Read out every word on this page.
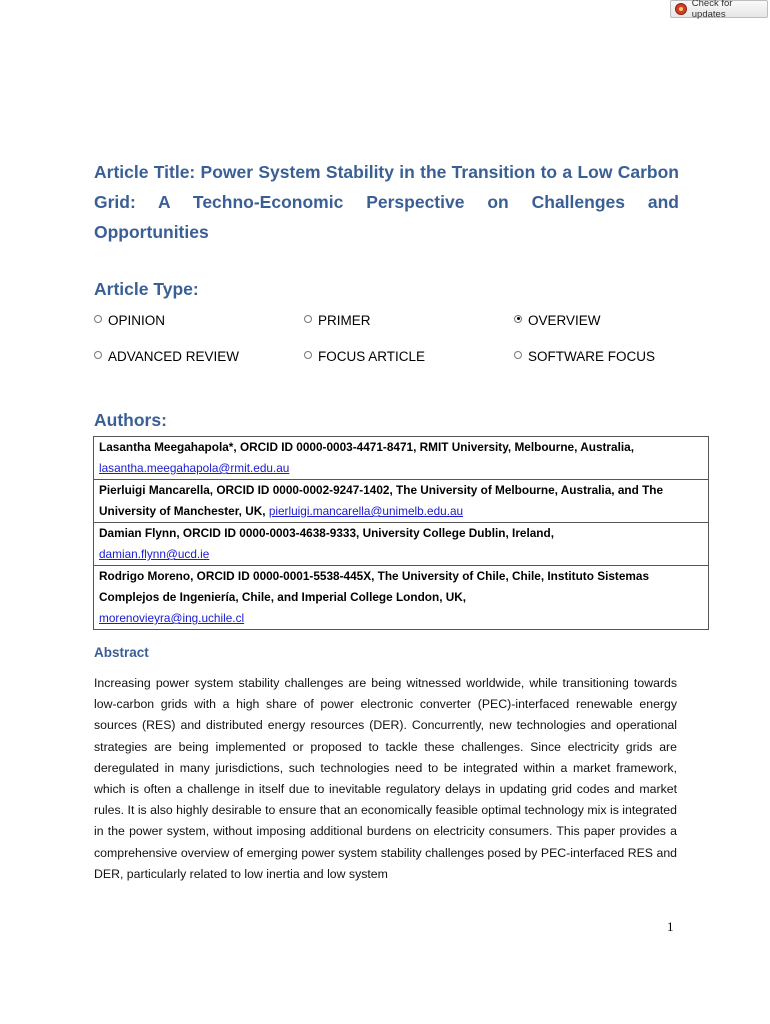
Check for updates

Article Title: Power System Stability in the Transition to a Low Carbon Grid: A Techno-Economic Perspective on Challenges and Opportunities

Article Type:

OPINION	PRIMER	OVERVIEW
ADVANCED REVIEW	FOCUS ARTICLE	SOFTWARE FOCUS

Authors:

Lasantha Meegahapola*, ORCID ID 0000-0003-4471-8471, RMIT University, Melbourne, Australia,
lasantha.meegahapola@rmit.edu.au
Pierluigi Mancarella, ORCID ID 0000-0002-9247-1402, The University of Melbourne, Australia, and The University of Manchester, UK, pierluigi.mancarella@unimelb.edu.au
Damian Flynn, ORCID ID 0000-0003-4638-9333, University College Dublin, Ireland,
damian.flynn@ucd.ie
Rodrigo Moreno, ORCID ID 0000-0001-5538-445X, The University of Chile, Chile, Instituto Sistemas Complejos de Ingeniería, Chile, and Imperial College London, UK,
morenovieyra@ing.uchile.cl

Abstract

Increasing power system stability challenges are being witnessed worldwide, while transitioning towards low-carbon grids with a high share of power electronic converter (PEC)-interfaced renewable energy sources (RES) and distributed energy resources (DER). Concurrently, new technologies and operational strategies are being implemented or proposed to tackle these challenges. Since electricity grids are deregulated in many jurisdictions, such technologies need to be integrated within a market framework, which is often a challenge in itself due to inevitable regulatory delays in updating grid codes and market rules. It is also highly desirable to ensure that an economically feasible optimal technology mix is integrated in the power system, without imposing additional burdens on electricity consumers. This paper provides a comprehensive overview of emerging power system stability challenges posed by PEC-interfaced RES and DER, particularly related to low inertia and low system

1
